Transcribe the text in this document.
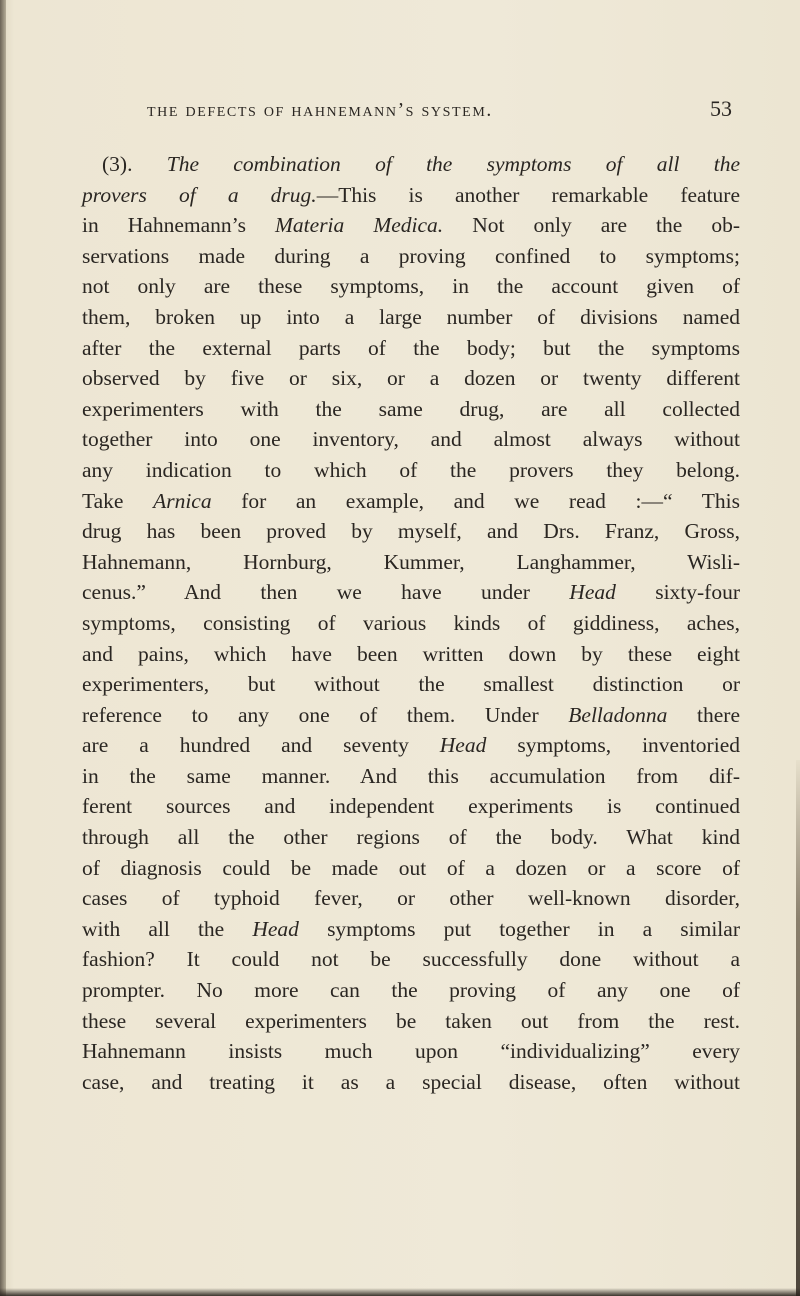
the defects of hahnemann’s system.	53
(3). The combination of the symptoms of all the
provers of a drug.—This is another remarkable feature
in Hahnemann’s Materia Medica. Not only are the ob-
servations made during a proving confined to symptoms;
not only are these symptoms, in the account given of
them, broken up into a large number of divisions named
after the external parts of the body; but the symptoms
observed by five or six, or a dozen or twenty different
experimenters with the same drug, are all collected
together into one inventory, and almost always without
any indication to which of the provers they belong.
Take Arnica for an example, and we read :—“ This
drug has been proved by myself, and Drs. Franz, Gross,
Hahnemann, Hornburg, Kummer, Langhammer, Wisli-
cenus.” And then we have under Head sixty-four
symptoms, consisting of various kinds of giddiness, aches,
and pains, which have been written down by these eight
experimenters, but without the smallest distinction or
reference to any one of them. Under Belladonna there
are a hundred and seventy Head symptoms, inventoried
in the same manner. And this accumulation from dif-
ferent sources and independent experiments is continued
through all the other regions of the body. What kind
of diagnosis could be made out of a dozen or a score of
cases of typhoid fever, or other well-known disorder,
with all the Head symptoms put together in a similar
fashion? It could not be successfully done without a
prompter. No more can the proving of any one of
these several experimenters be taken out from the rest.
Hahnemann insists much upon “individualizing” every
case, and treating it as a special disease, often without
